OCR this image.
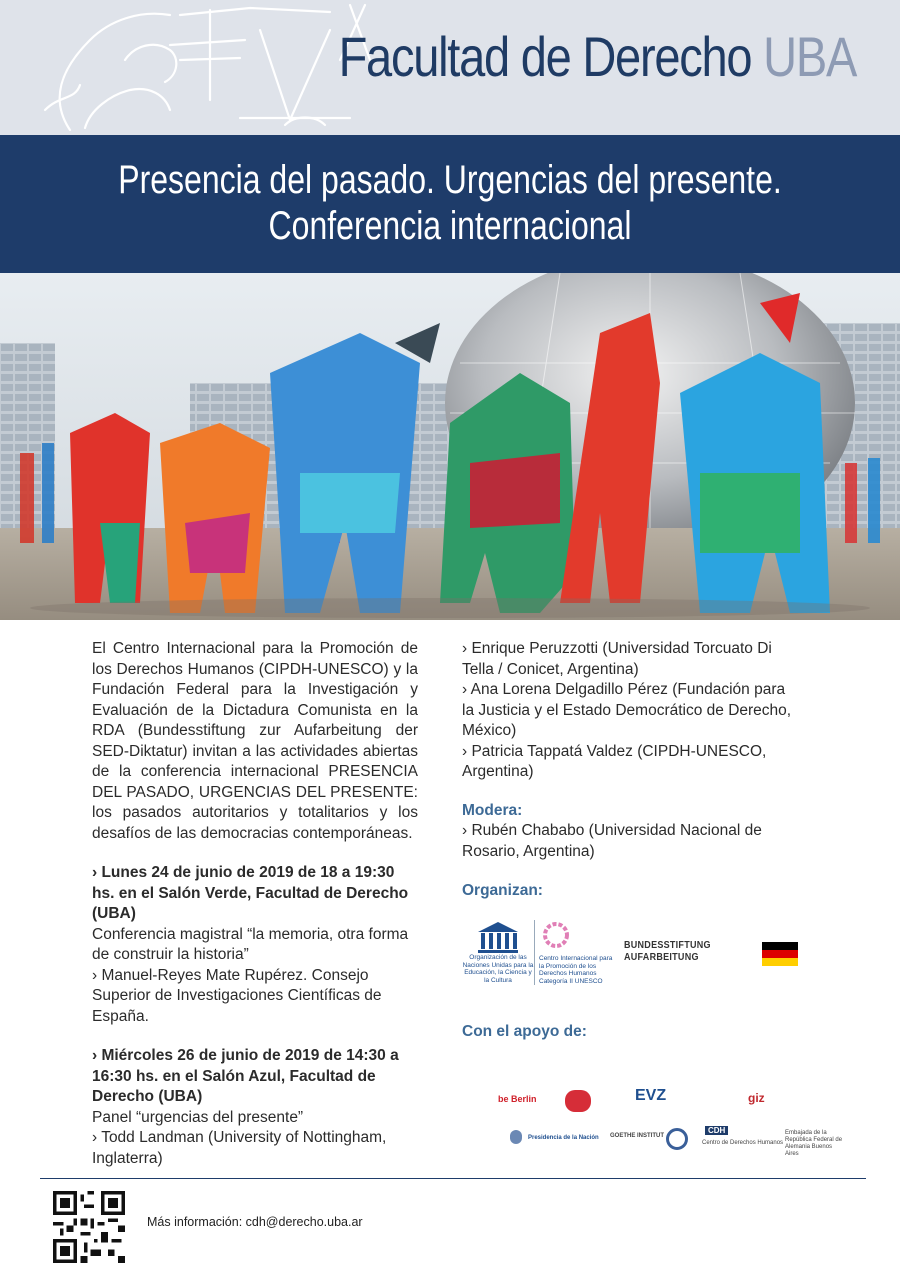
Facultad de Derecho UBA
Presencia del pasado. Urgencias del presente.
Conferencia internacional

El Centro Internacional para la Promoción de los Derechos Humanos (CIPDH-UNESCO) y la Fundación Federal para la Investigación y Evaluación de la Dictadura Comunista en la RDA (Bundesstiftung zur Aufarbeitung der SED-Diktatur) invitan a las actividades abiertas de la conferencia internacional PRESENCIA DEL PASADO, URGENCIAS DEL PRESENTE: los pasados autoritarios y totalitarios y los desafíos de las democracias contemporáneas.

› Lunes 24 de junio de 2019 de 18 a 19:30 hs. en el Salón Verde, Facultad de Derecho (UBA)

Conferencia magistral “la memoria, otra forma de construir la historia”

› Manuel-Reyes Mate Rupérez. Consejo Superior de Investigaciones Científicas de España.

› Miércoles 26 de junio de 2019 de 14:30 a 16:30 hs. en el Salón Azul, Facultad de Derecho (UBA)

Panel “urgencias del presente”

› Todd Landman (University of Nottingham, Inglaterra)

› Enrique Peruzzotti (Universidad Torcuato Di Tella / Conicet, Argentina)

› Ana Lorena Delgadillo Pérez (Fundación para la Justicia y el Estado Democrático de Derecho, México)

› Patricia Tappatá Valdez (CIPDH-UNESCO, Argentina)

Modera:

› Rubén Chababo (Universidad Nacional de Rosario, Argentina)

Organizan:

Organización de las Naciones Unidas para la Educación, la Ciencia y la Cultura

Centro Internacional para la Promoción de los Derechos Humanos

Categoría II UNESCO

BUNDESSTIFTUNG

AUFARBEITUNG

Con el apoyo de:

be Berlin	EVZ	giz
Presidencia de la Nación GOETHE INSTITUT
CDH
Centro de Derechos Humanos
Embajada de la República Federal de Alemania Buenos Aires

Más información: cdh@derecho.uba.ar
